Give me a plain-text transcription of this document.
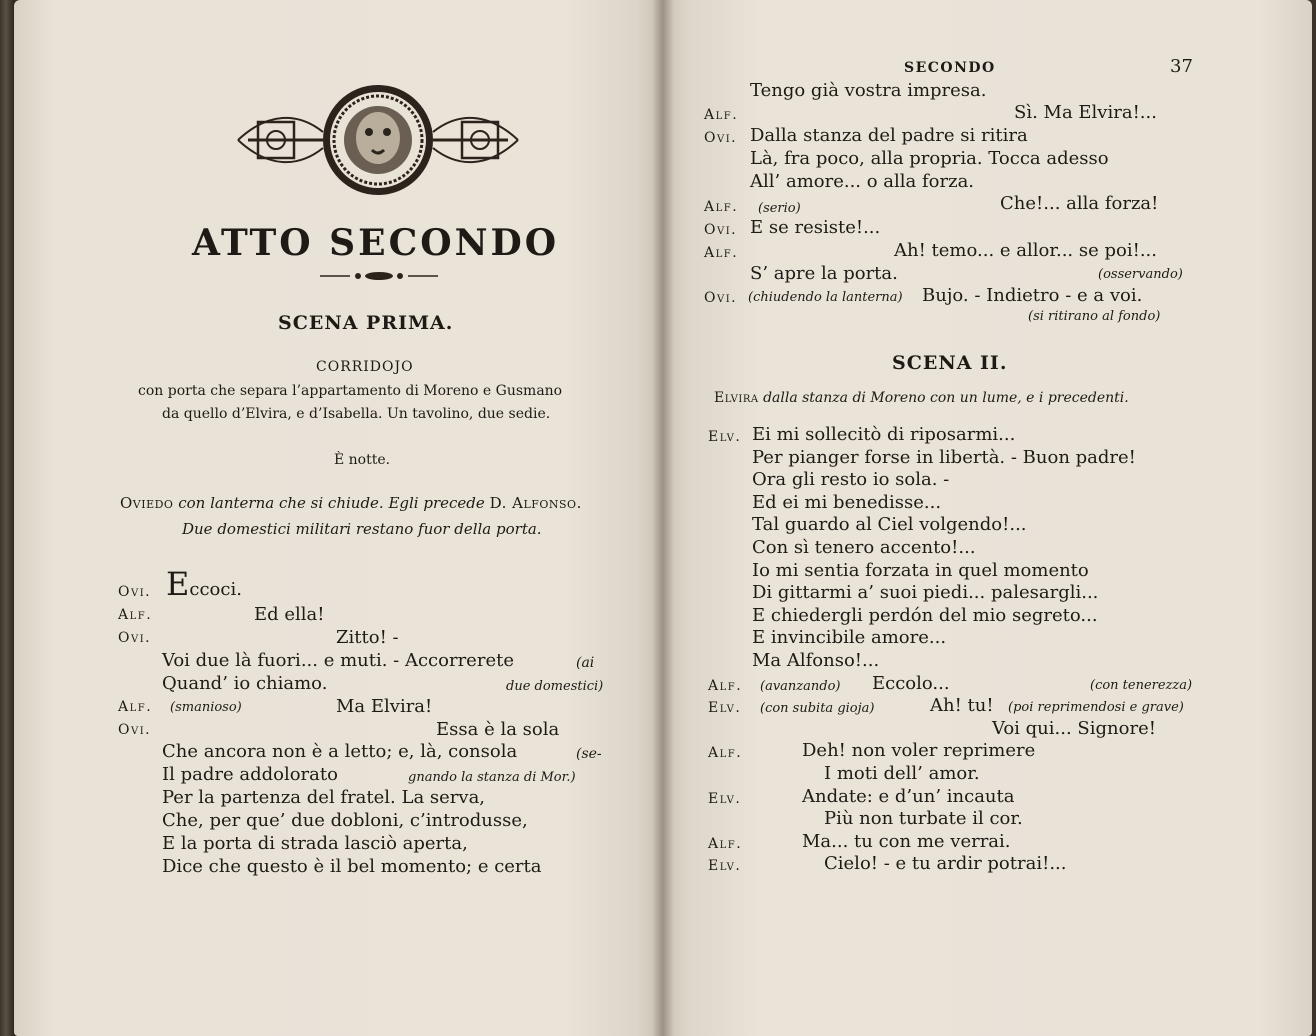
ATTO SECONDO
SCENA PRIMA.
CORRIDOJO
con porta che separa l’appartamento di Moreno e Gusmano
da quello d’Elvira, e d’Isabella. Un tavolino, due sedie.
È notte.
Oviedo con lanterna che si chiude. Egli precede D. Alfonso.
Due domestici militari restano fuor della porta.
Ovi. Eccoci.
Alf.	Ed ella!
Ovi.	Zitto! -
Voi due là fuori... e muti. - Accorrerete	(ai
Quand’ io chiamo.	due domestici)
Alf. (smanioso)	Ma Elvira!
Ovi.	Essa è la sola
Che ancora non è a letto; e, là, consola	(se-
Il padre addolorato	gnando la stanza di Mor.)
Per la partenza del fratel. La serva,
Che, per que’ due dobloni, c’introdusse,
E la porta di strada lasciò aperta,
Dice che questo è il bel momento; e certa
SECONDO	37
Tengo già vostra impresa.
Alf.	Sì. Ma Elvira!...
Ovi. Dalla stanza del padre si ritira
Là, fra poco, alla propria. Tocca adesso
All’ amore... o alla forza.
Alf. (serio)	Che!... alla forza!
Ovi. E se resiste!...
Alf.	Ah! temo... e allor... se poi!...
S’ apre la porta.	(osservando)
Ovi. (chiudendo la lanterna) Bujo. - Indietro - e a voi.
(si ritirano al fondo)
SCENA II.
Elvira dalla stanza di Moreno con un lume, e i precedenti.
Elv. Ei mi sollecitò di riposarmi...
Per pianger forse in libertà. - Buon padre!
Ora gli resto io sola. -
Ed ei mi benedisse...
Tal guardo al Ciel volgendo!...
Con sì tenero accento!...
Io mi sentia forzata in quel momento
Di gittarmi a’ suoi piedi... palesargli...
E chiedergli perdón del mio segreto...
E invincibile amore...
Ma Alfonso!...
Alf. (avanzando) Eccolo...	(con tenerezza)
Elv. (con subita gioja)	Ah! tu! (poi reprimendosi e grave)
Voi qui... Signore!
Alf.	Deh! non voler reprimere
I moti dell’ amor.
Elv.	Andate: e d’un’ incauta
Più non turbate il cor.
Alf.	Ma... tu con me verrai.
Elv.	Cielo! - e tu ardir potrai!...
